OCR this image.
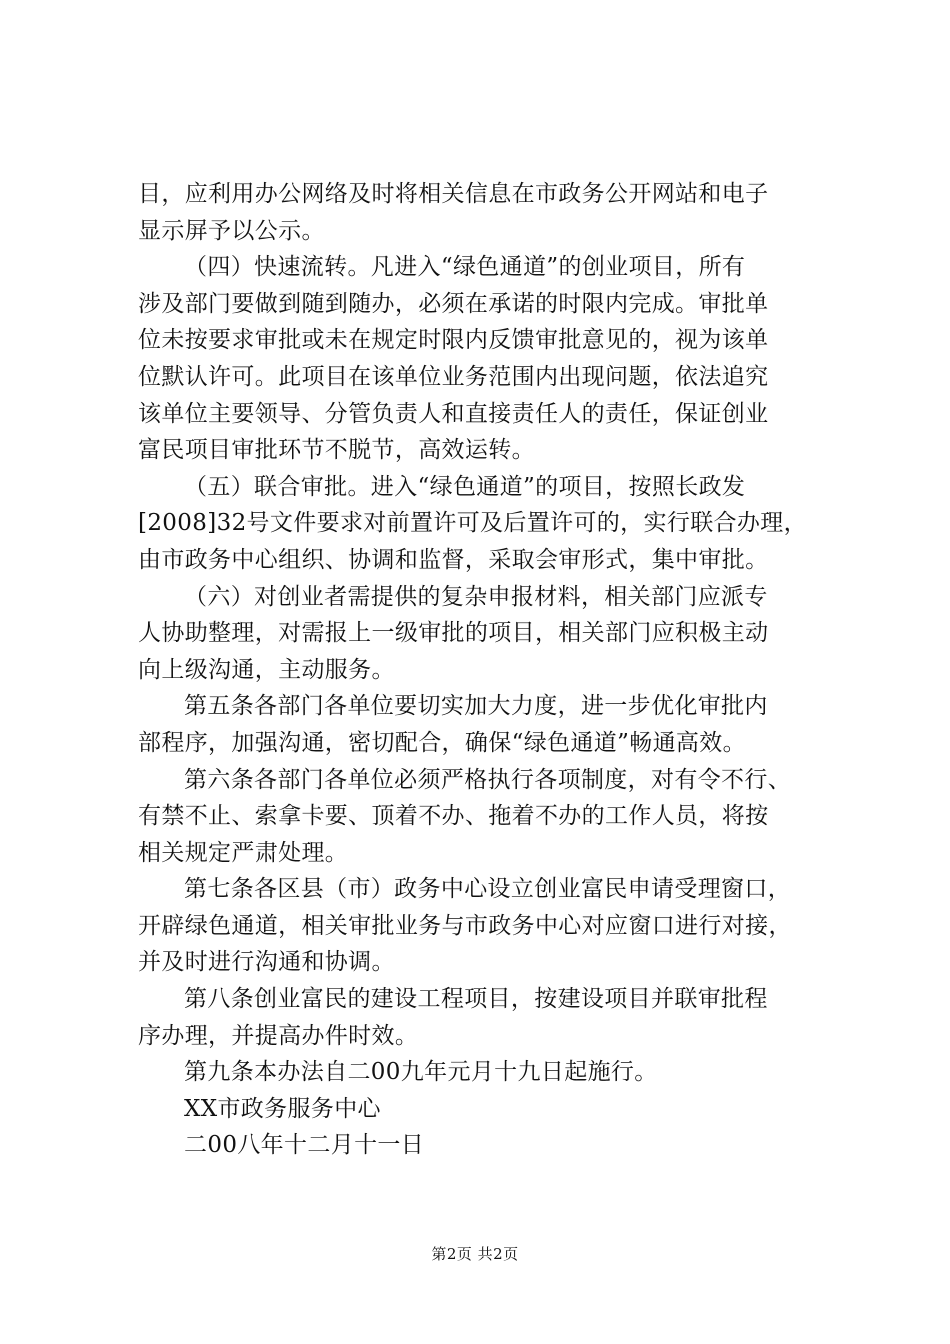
目，应利用办公网络及时将相关信息在市政务公开网站和电子
显示屏予以公示。
（四）快速流转。凡进入“绿色通道”的创业项目，所有
涉及部门要做到随到随办，必须在承诺的时限内完成。审批单
位未按要求审批或未在规定时限内反馈审批意见的，视为该单
位默认许可。此项目在该单位业务范围内出现问题，依法追究
该单位主要领导、分管负责人和直接责任人的责任，保证创业
富民项目审批环节不脱节，高效运转。
（五）联合审批。进入“绿色通道”的项目，按照长政发
[2008]32号文件要求对前置许可及后置许可的，实行联合办理，
由市政务中心组织、协调和监督，采取会审形式，集中审批。
（六）对创业者需提供的复杂申报材料，相关部门应派专
人协助整理，对需报上一级审批的项目，相关部门应积极主动
向上级沟通，主动服务。
第五条各部门各单位要切实加大力度，进一步优化审批内
部程序，加强沟通，密切配合，确保“绿色通道”畅通高效。
第六条各部门各单位必须严格执行各项制度，对有令不行、
有禁不止、索拿卡要、顶着不办、拖着不办的工作人员，将按
相关规定严肃处理。
第七条各区县（市）政务中心设立创业富民申请受理窗口，
开辟绿色通道，相关审批业务与市政务中心对应窗口进行对接，
并及时进行沟通和协调。
第八条创业富民的建设工程项目，按建设项目并联审批程
序办理，并提高办件时效。
第九条本办法自二00九年元月十九日起施行。
XX市政务服务中心
二00八年十二月十一日
第2页 共2页
